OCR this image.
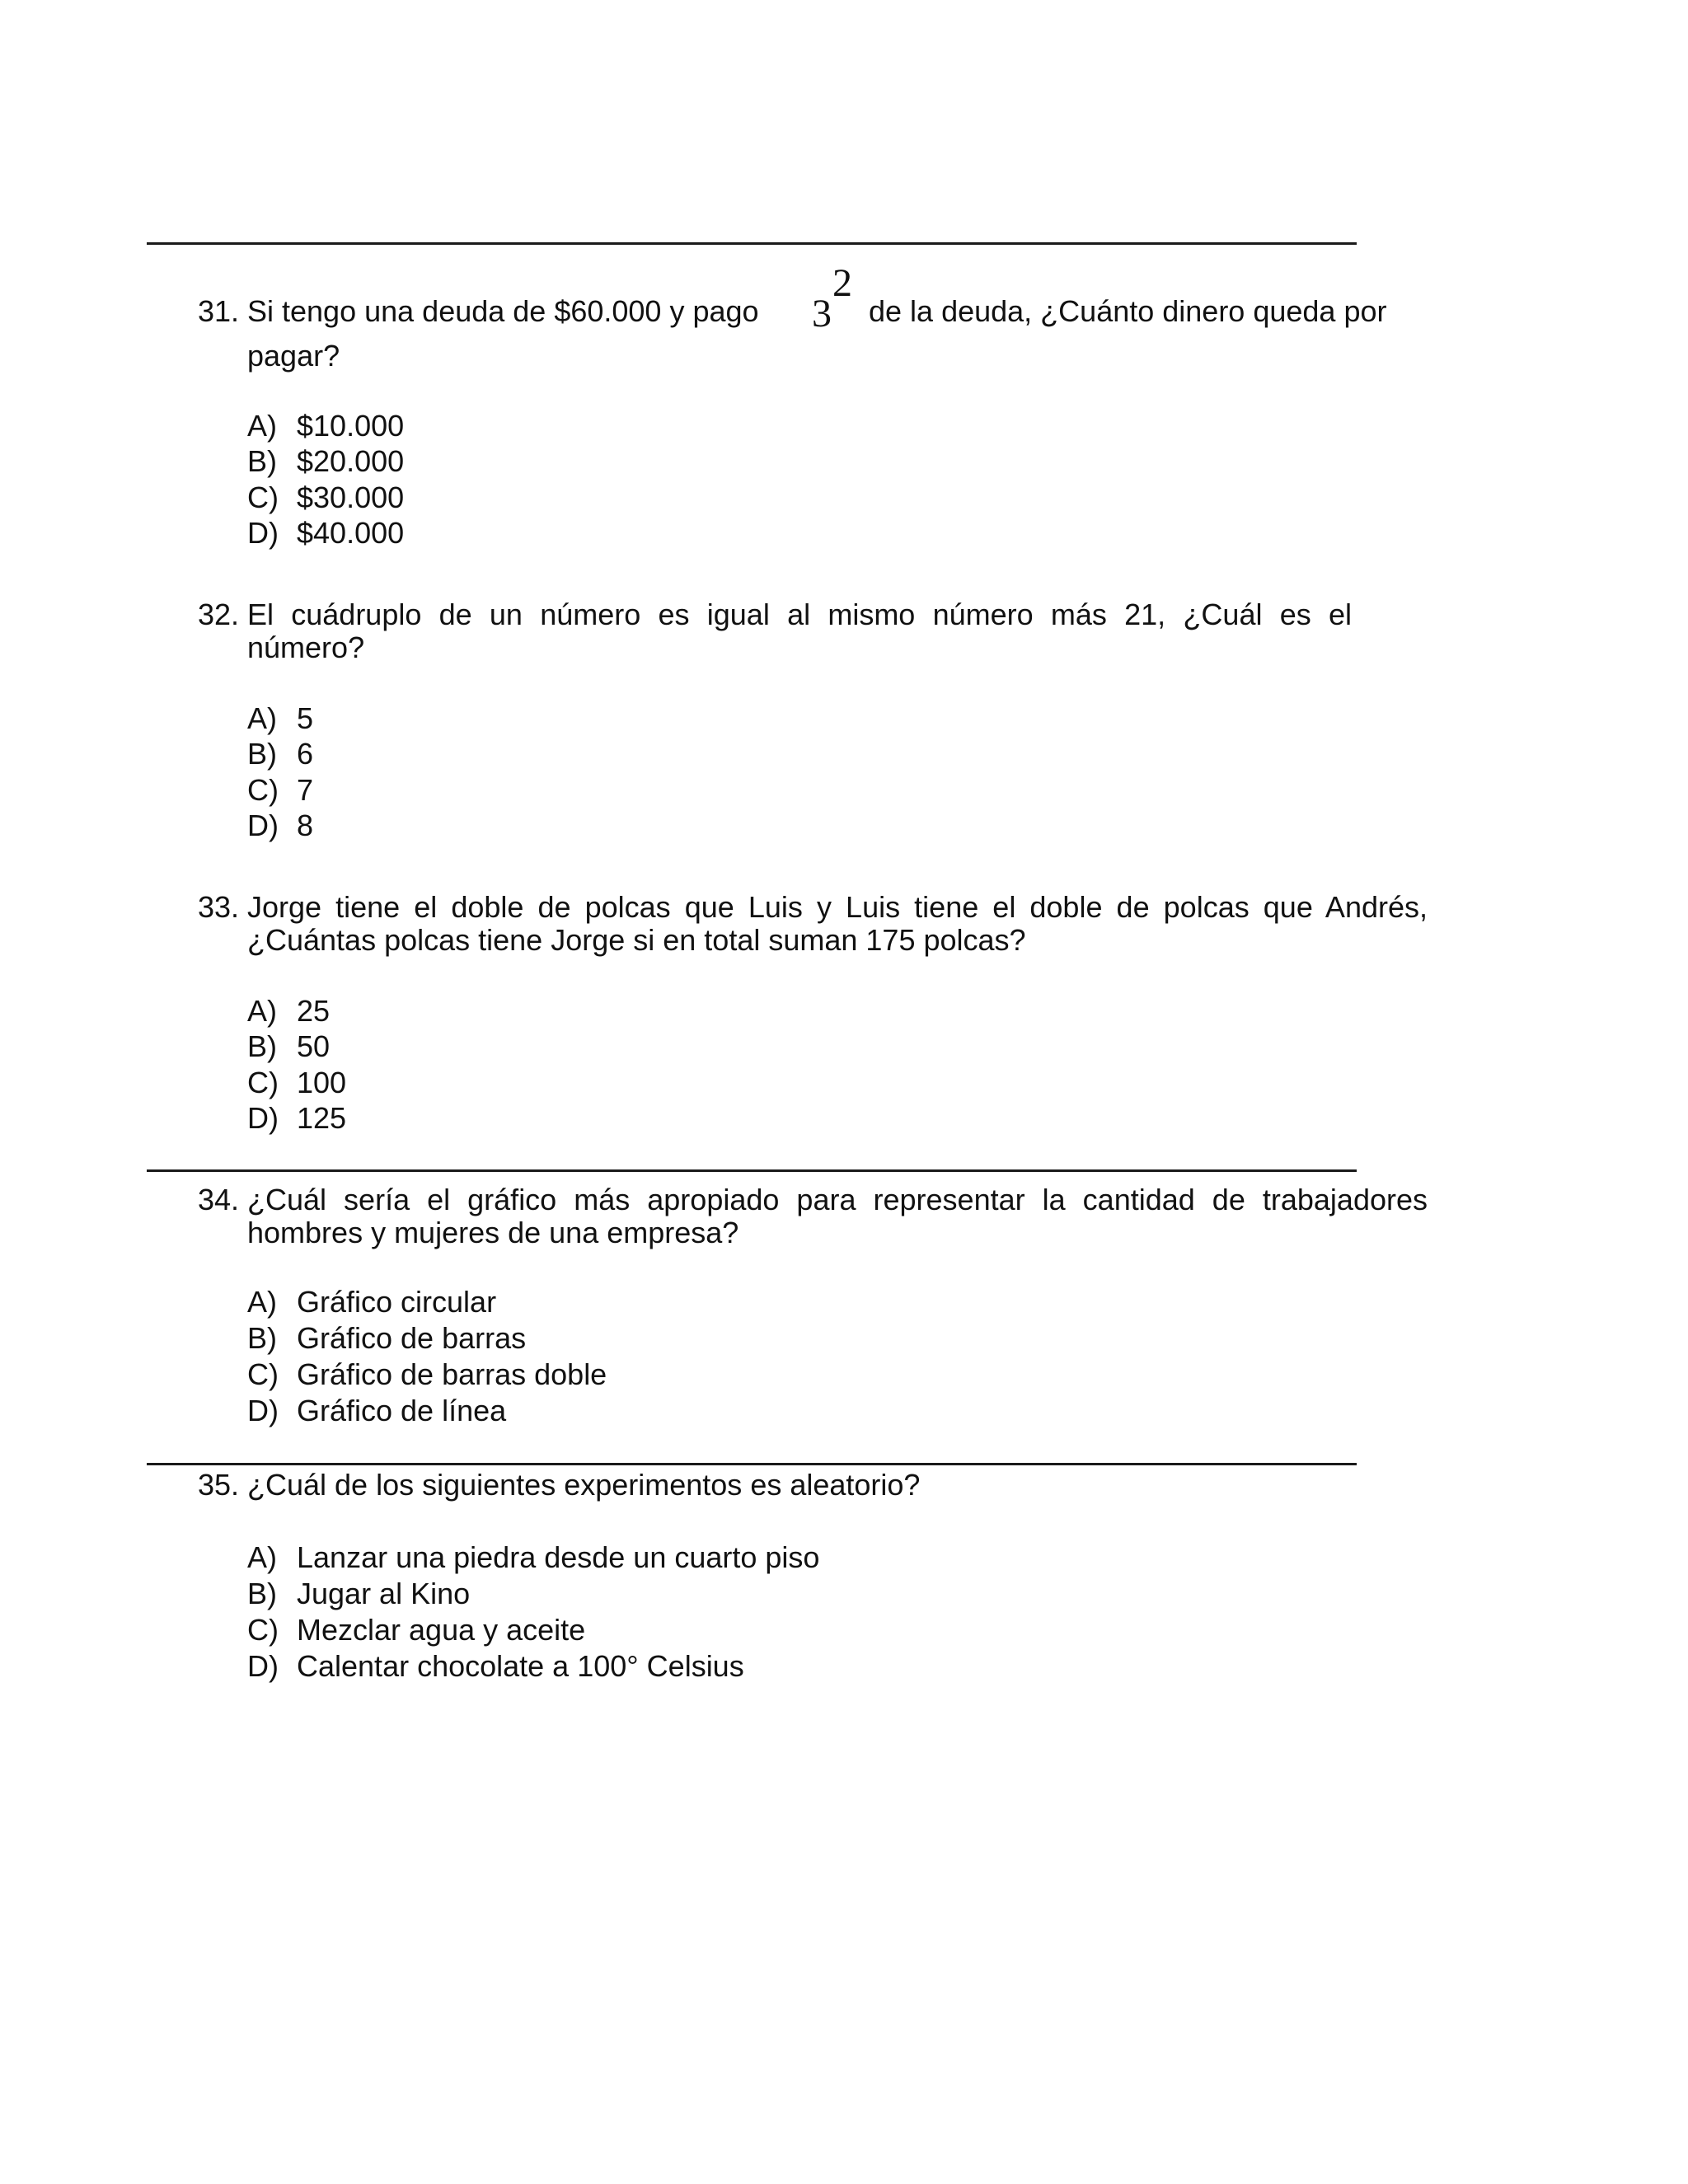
31. Si tengo una deuda de $60.000 y pago
2
3 de la deuda, ¿Cuánto dinero queda por
pagar?
A) $10.000
B) $20.000
C) $30.000
D) $40.000
32. El cuádruplo de un número es igual al mismo número más 21, ¿Cuál es el
número?
A) 5
B) 6
C) 7
D) 8
33. Jorge tiene el doble de polcas que Luis y Luis tiene el doble de polcas que Andrés,
¿Cuántas polcas tiene Jorge si en total suman 175 polcas?
A) 25
B) 50
C) 100
D) 125
34. ¿Cuál sería el gráfico más apropiado para representar la cantidad de trabajadores
hombres y mujeres de una empresa?
A) Gráfico circular
B) Gráfico de barras
C) Gráfico de barras doble
D) Gráfico de línea
35. ¿Cuál de los siguientes experimentos es aleatorio?
A) Lanzar una piedra desde un cuarto piso
B) Jugar al Kino
C) Mezclar agua y aceite
D) Calentar chocolate a 100° Celsius
